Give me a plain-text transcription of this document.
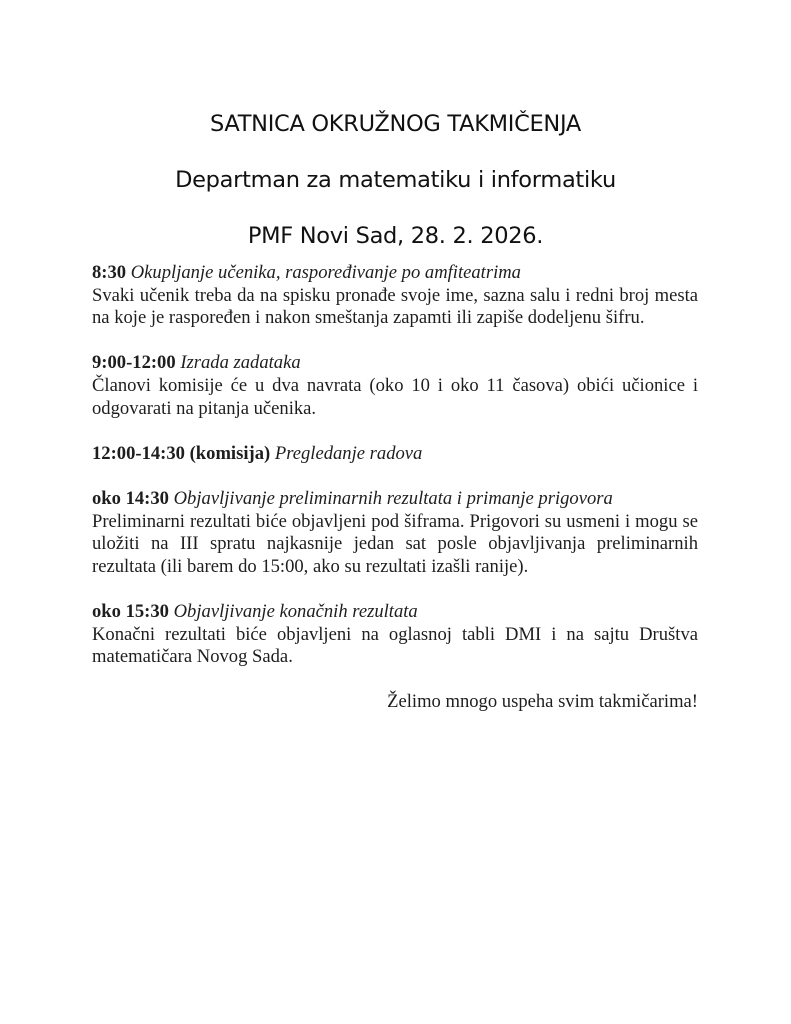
SATNICA OKRUŽNOG TAKMIČENJA
Departman za matematiku i informatiku
PMF Novi Sad, 28. 2. 2026.

8:30 Okupljanje učenika, raspoređivanje po amfiteatrima

Svaki učenik treba da na spisku pronađe svoje ime, sazna salu i redni broj mesta na koje je raspoređen i nakon smeštanja zapamti ili zapiše dodeljenu šifru.

9:00-12:00 Izrada zadataka

Članovi komisije će u dva navrata (oko 10 i oko 11 časova) obići učionice i odgovarati na pitanja učenika.

12:00-14:30 (komisija) Pregledanje radova

oko 14:30 Objavljivanje preliminarnih rezultata i primanje prigovora

Preliminarni rezultati biće objavljeni pod šiframa. Prigovori su usmeni i mogu se uložiti na III spratu najkasnije jedan sat posle objavljivanja preliminarnih rezultata (ili barem do 15:00, ako su rezultati izašli ranije).

oko 15:30 Objavljivanje konačnih rezultata

Konačni rezultati biće objavljeni na oglasnoj tabli DMI i na sajtu Društva matematičara Novog Sada.

Želimo mnogo uspeha svim takmičarima!
